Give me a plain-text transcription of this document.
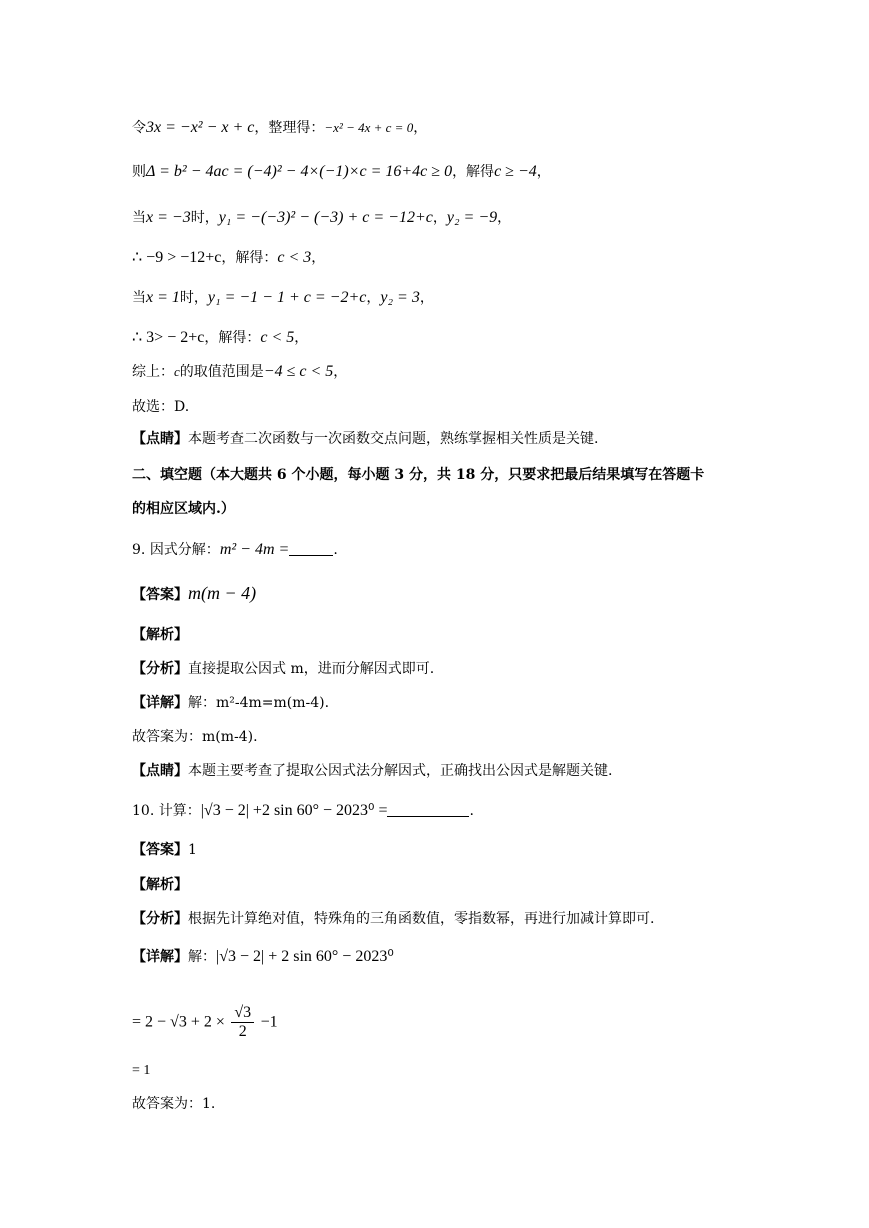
令3x = −x² − x + c，整理得：−x² − 4x + c = 0，
则Δ = b² − 4ac = (−4)² − 4×(−1)×c = 16+4c ≥ 0，解得c ≥ −4，
当x = −3时，y₁ = −(−3)² − (−3) + c = −12+c，y₂ = −9，
∴ −9 > −12+c，解得：c < 3，
当x = 1时，y₁ = −1 − 1 + c = −2+c，y₂ = 3，
∴ 3> − 2+c，解得：c < 5，
综上：c的取值范围是−4 ≤ c < 5，
故选：D.
【点睛】本题考查二次函数与一次函数交点问题，熟练掌握相关性质是关键.
二、填空题（本大题共 6 个小题，每小题 3 分，共 18 分，只要求把最后结果填写在答题卡
的相应区域内.）
9. 因式分解：m² − 4m =	.
【答案】m(m − 4)
【解析】
【分析】直接提取公因式 m，进而分解因式即可.
【详解】解：m²-4m=m(m-4).
故答案为：m(m-4).
【点睛】本题主要考查了提取公因式法分解因式，正确找出公因式是解题关键.
10. 计算：|√3 − 2| +2 sin 60° − 2023⁰ =	.
【答案】1
【解析】
【分析】根据先计算绝对值，特殊角的三角函数值，零指数幂，再进行加减计算即可.
【详解】解：|√3 − 2| + 2 sin 60° − 2023⁰
= $2 - √3 + 2 \times \frac{√3}{2} -1$
= 1
故答案为：1.
